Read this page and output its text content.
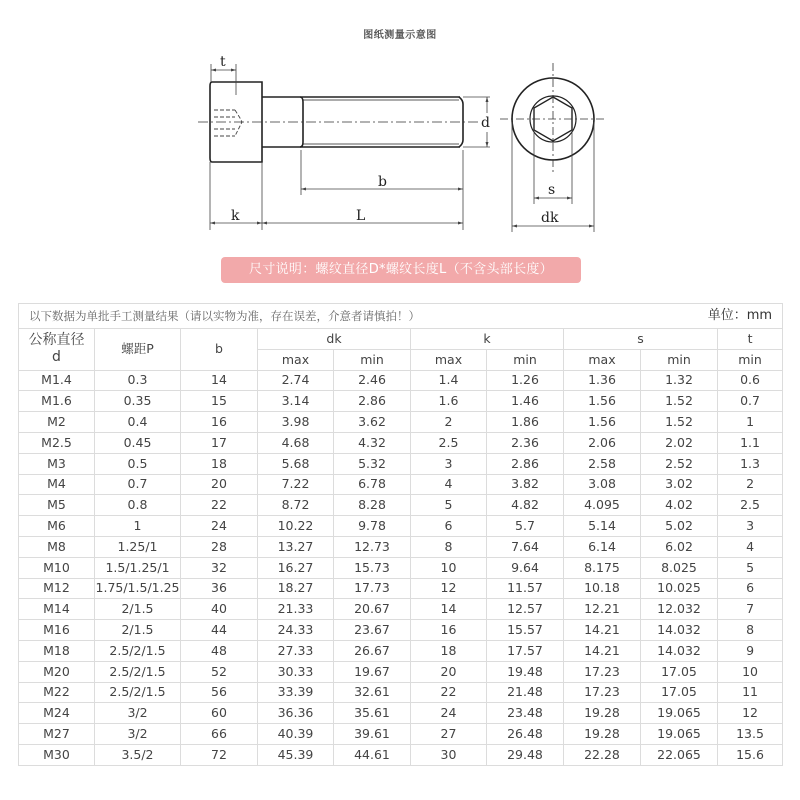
图纸测量示意图
t
d
b
k	L
s
dk
尺寸说明：螺纹直径D*螺纹长度L（不含头部长度）
以下数据为单批手工测量结果（请以实物为准，存在误差，介意者请慎拍！） 单位：mm									

公称直径
d	螺距P	b	dk		k		s		t
			max	min	max	min	max	min	min
M1.4	0.3	14	2.74	2.46	1.4	1.26	1.36	1.32	0.6
M1.6	0.35	15	3.14	2.86	1.6	1.46	1.56	1.52	0.7
M2	0.4	16	3.98	3.62	2	1.86	1.56	1.52	1
M2.5	0.45	17	4.68	4.32	2.5	2.36	2.06	2.02	1.1
M3	0.5	18	5.68	5.32	3	2.86	2.58	2.52	1.3
M4	0.7	20	7.22	6.78	4	3.82	3.08	3.02	2
M5	0.8	22	8.72	8.28	5	4.82	4.095	4.02	2.5
M6	1	24	10.22	9.78	6	5.7	5.14	5.02	3
M8	1.25/1	28	13.27	12.73	8	7.64	6.14	6.02	4
M10	1.5/1.25/1	32	16.27	15.73	10	9.64	8.175	8.025	5
M12	1.75/1.5/1.25	36	18.27	17.73	12	11.57	10.18	10.025	6
M14	2/1.5	40	21.33	20.67	14	12.57	12.21	12.032	7
M16	2/1.5	44	24.33	23.67	16	15.57	14.21	14.032	8
M18	2.5/2/1.5	48	27.33	26.67	18	17.57	14.21	14.032	9
M20	2.5/2/1.5	52	30.33	19.67	20	19.48	17.23	17.05	10
M22	2.5/2/1.5	56	33.39	32.61	22	21.48	17.23	17.05	11
M24	3/2	60	36.36	35.61	24	23.48	19.28	19.065	12
M27	3/2	66	40.39	39.61	27	26.48	19.28	19.065	13.5
M30	3.5/2	72	45.39	44.61	30	29.48	22.28	22.065	15.6
